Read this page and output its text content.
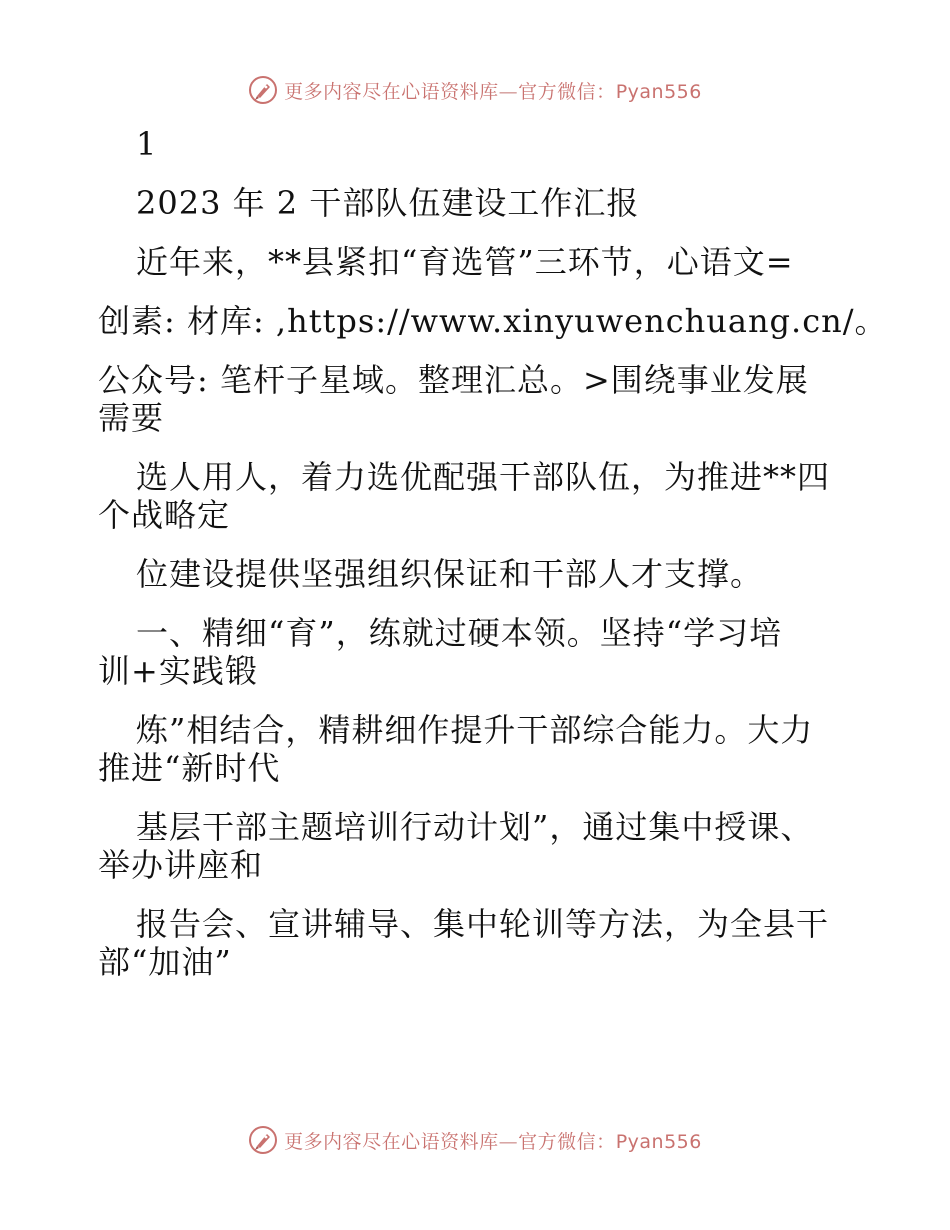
更多内容尽在心语资料库—官方微信：Pyan556
1
2023 年 2 干部队伍建设工作汇报
近年来，**县紧扣“育选管”三环节，心语文=
创素: 材库: ,https://www.xinyuwenchuang.cn/。
公众号: 笔杆子星域。整理汇总。>围绕事业发展
需要
选人用人，着力选优配强干部队伍，为推进**四
个战略定
位建设提供坚强组织保证和干部人才支撑。
一、精细“育”，练就过硬本领。坚持“学习培
训+实践锻
炼”相结合，精耕细作提升干部综合能力。大力
推进“新时代
基层干部主题培训行动计划”，通过集中授课、
举办讲座和
报告会、宣讲辅导、集中轮训等方法，为全县干
部“加油”
更多内容尽在心语资料库—官方微信：Pyan556
